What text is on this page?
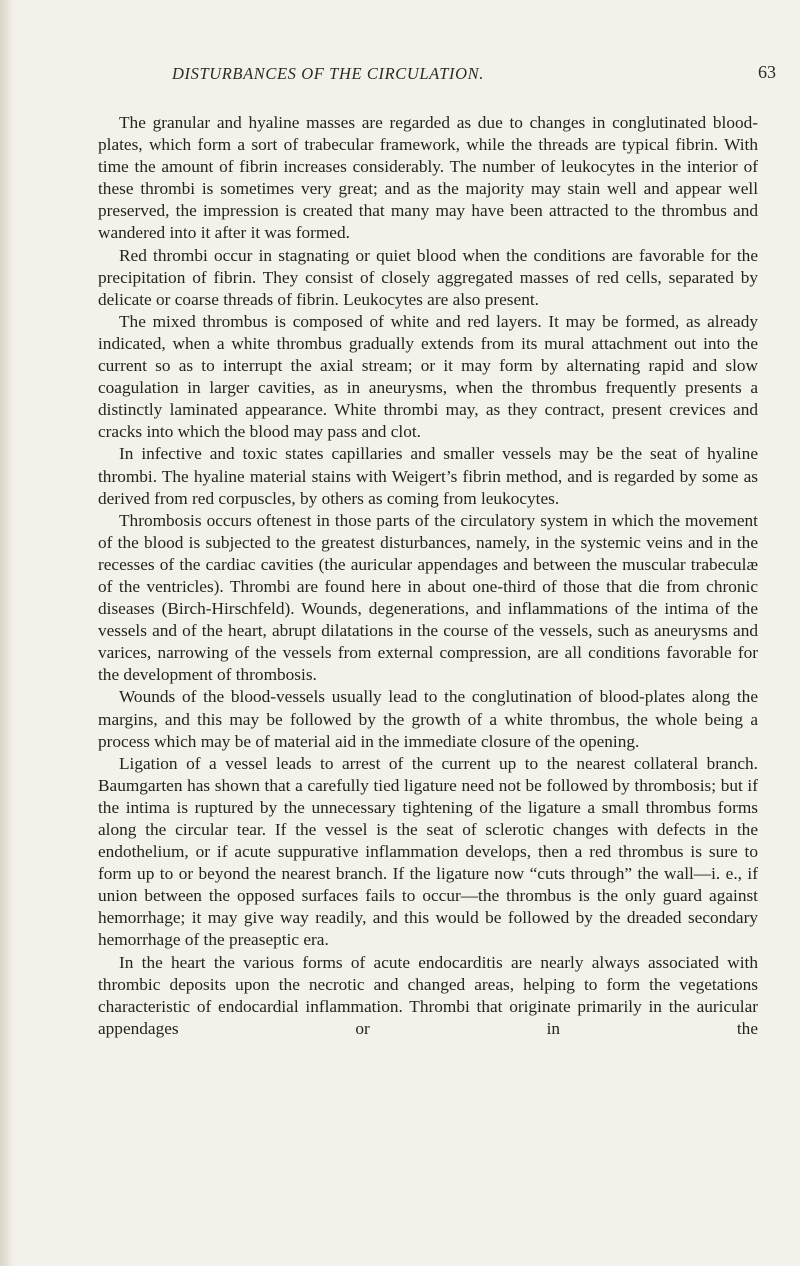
DISTURBANCES OF THE CIRCULATION.	63

The granular and hyaline masses are regarded as due to changes in conglutinated blood-plates, which form a sort of trabecular framework, while the threads are typical fibrin. With time the amount of fibrin increases considerably. The number of leukocytes in the interior of these thrombi is sometimes very great; and as the majority may stain well and appear well preserved, the impression is created that many may have been attracted to the thrombus and wandered into it after it was formed.

Red thrombi occur in stagnating or quiet blood when the conditions are favorable for the precipitation of fibrin. They consist of closely aggregated masses of red cells, separated by delicate or coarse threads of fibrin. Leukocytes are also present.

The mixed thrombus is composed of white and red layers. It may be formed, as already indicated, when a white thrombus gradually extends from its mural attachment out into the current so as to interrupt the axial stream; or it may form by alternating rapid and slow coagulation in larger cavities, as in aneurysms, when the thrombus frequently presents a distinctly laminated appearance. White thrombi may, as they contract, present crevices and cracks into which the blood may pass and clot.

In infective and toxic states capillaries and smaller vessels may be the seat of hyaline thrombi. The hyaline material stains with Weigert’s fibrin method, and is regarded by some as derived from red corpuscles, by others as coming from leukocytes.

Thrombosis occurs oftenest in those parts of the circulatory system in which the movement of the blood is subjected to the greatest disturbances, namely, in the systemic veins and in the recesses of the cardiac cavities (the auricular appendages and between the muscular trabeculæ of the ventricles). Thrombi are found here in about one-third of those that die from chronic diseases (Birch-Hirschfeld). Wounds, degenerations, and inflammations of the intima of the vessels and of the heart, abrupt dilatations in the course of the vessels, such as aneurysms and varices, narrowing of the vessels from external compression, are all conditions favorable for the development of thrombosis.

Wounds of the blood-vessels usually lead to the conglutination of blood-plates along the margins, and this may be followed by the growth of a white thrombus, the whole being a process which may be of material aid in the immediate closure of the opening.

Ligation of a vessel leads to arrest of the current up to the nearest collateral branch. Baumgarten has shown that a carefully tied ligature need not be followed by thrombosis; but if the intima is ruptured by the unnecessary tightening of the ligature a small thrombus forms along the circular tear. If the vessel is the seat of sclerotic changes with defects in the endothelium, or if acute suppurative inflammation develops, then a red thrombus is sure to form up to or beyond the nearest branch. If the ligature now “cuts through” the wall—i. e., if union between the opposed surfaces fails to occur—the thrombus is the only guard against hemorrhage; it may give way readily, and this would be followed by the dreaded secondary hemorrhage of the preaseptic era.

In the heart the various forms of acute endocarditis are nearly always associated with thrombic deposits upon the necrotic and changed areas, helping to form the vegetations characteristic of endocardial inflammation. Thrombi that originate primarily in the auricular appendages or in the
